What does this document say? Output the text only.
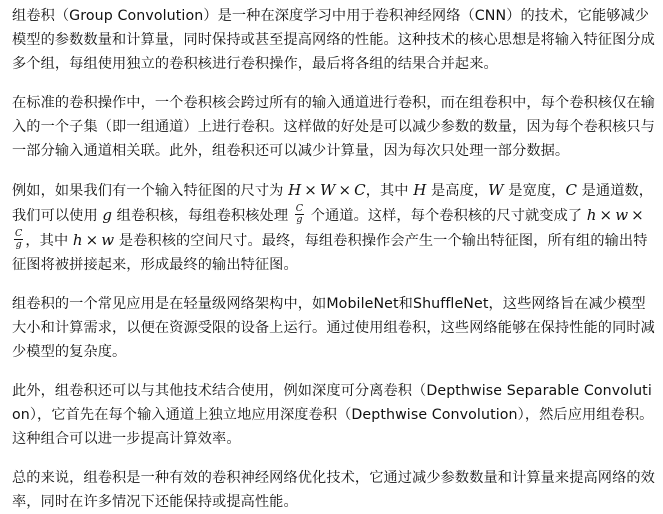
组卷积（Group Convolution）是一种在深度学习中用于卷积神经网络（CNN）的技术，它能够减少模型的参数数量和计算量，同时保持或甚至提高网络的性能。这种技术的核心思想是将输入特征图分成多个组，每组使用独立的卷积核进行卷积操作，最后将各组的结果合并起来。

在标准的卷积操作中，一个卷积核会跨过所有的输入通道进行卷积，而在组卷积中，每个卷积核仅在输入的一个子集（即一组通道）上进行卷积。这样做的好处是可以减少参数的数量，因为每个卷积核只与一部分输入通道相关联。此外，组卷积还可以减少计算量，因为每次只处理一部分数据。

例如，如果我们有一个输入特征图的尺寸为 H × W × C，其中 H 是高度，W 是宽度，C 是通道数，我们可以使用 g 组卷积核，每组卷积核处理 $\frac{C}{g}$ 个通道。这样，每个卷积核的尺寸就变成了 h × w ×
$\frac{C}{g}$ ，其中 h × w 是卷积核的空间尺寸。最终，每组卷积操作会产生一个输出特征图，所有组的输出特征图将被拼接起来，形成最终的输出特征图。

组卷积的一个常见应用是在轻量级网络架构中，如MobileNet和ShuffleNet，这些网络旨在减少模型大小和计算需求，以便在资源受限的设备上运行。通过使用组卷积，这些网络能够在保持性能的同时减少模型的复杂度。

此外，组卷积还可以与其他技术结合使用，例如深度可分离卷积（Depthwise Separable Convolution），它首先在每个输入通道上独立地应用深度卷积（Depthwise Convolution），然后应用组卷积。这种组合可以进一步提高计算效率。

总的来说，组卷积是一种有效的卷积神经网络优化技术，它通过减少参数数量和计算量来提高网络的效率，同时在许多情况下还能保持或提高性能。
